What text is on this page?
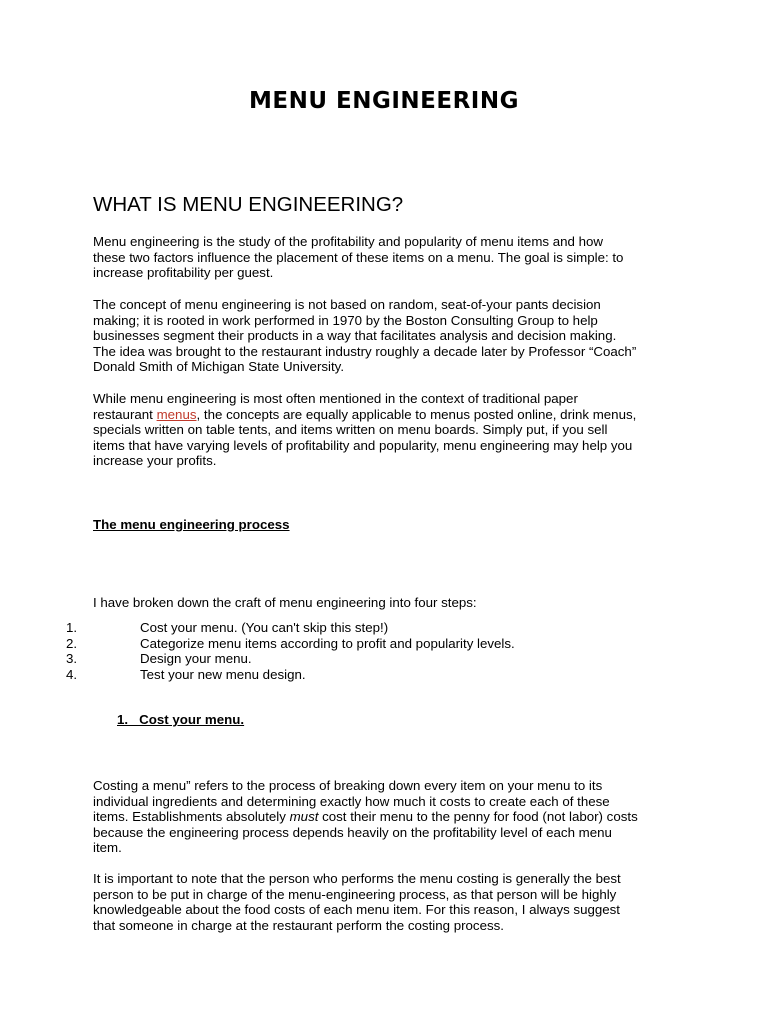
MENU ENGINEERING
WHAT IS MENU ENGINEERING?

Menu engineering is the study of the profitability and popularity of menu items and how
these two factors influence the placement of these items on a menu. The goal is simple: to
increase profitability per guest.

The concept of menu engineering is not based on random, seat-of-your pants decision
making; it is rooted in work performed in 1970 by the Boston Consulting Group to help
businesses segment their products in a way that facilitates analysis and decision making.
The idea was brought to the restaurant industry roughly a decade later by Professor “Coach”
Donald Smith of Michigan State University.

While menu engineering is most often mentioned in the context of traditional paper
restaurant menus, the concepts are equally applicable to menus posted online, drink menus,
specials written on table tents, and items written on menu boards. Simply put, if you sell
items that have varying levels of profitability and popularity, menu engineering may help you
increase your profits.

The menu engineering process

I have broken down the craft of menu engineering into four steps:

1.	Cost your menu. (You can't skip this step!)
2.	Categorize menu items according to profit and popularity levels.
3.	Design your menu.
4.	Test your new menu design.

1.   Cost your menu.

Costing a menu” refers to the process of breaking down every item on your menu to its
individual ingredients and determining exactly how much it costs to create each of these
items. Establishments absolutely must cost their menu to the penny for food (not labor) costs
because the engineering process depends heavily on the profitability level of each menu
item.

It is important to note that the person who performs the menu costing is generally the best
person to be put in charge of the menu-engineering process, as that person will be highly
knowledgeable about the food costs of each menu item. For this reason, I always suggest
that someone in charge at the restaurant perform the costing process.
